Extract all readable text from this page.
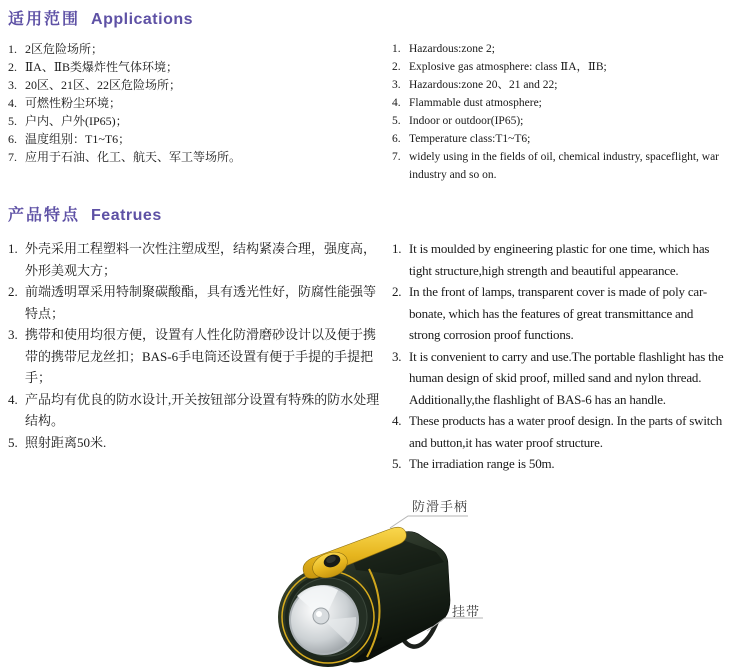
适用范围 Applications
1. 2区危险场所；
2. ⅡA、ⅡB类爆炸性气体环境；
3. 20区、21区、22区危险场所；
4. 可燃性粉尘环境；
5. 户内、户外(IP65)；
6. 温度组别：T1~T6；
7. 应用于石油、化工、航天、军工等场所。
1. Hazardous:zone 2;
2. Explosive gas atmosphere: class ⅡA，ⅡB;
3. Hazardous:zone 20、21 and 22;
4. Flammable dust atmosphere;
5. Indoor or outdoor(IP65);
6. Temperature class:T1~T6;
7. widely using in the fields of oil, chemical industry, spaceflight, war industry and so on.
产品特点 Featrues
1. 外壳采用工程塑料一次性注塑成型，结构紧凑合理，强度高，外形美观大方；
2. 前端透明罩采用特制聚碳酸酯，具有透光性好，防腐性能强等特点；
3. 携带和使用均很方便，设置有人性化防滑磨砂设计以及便于携带的携带尼龙丝扣；BAS-6手电筒还设置有便于手提的手提把手；
4. 产品均有优良的防水设计,开关按钮部分设置有特殊的防水处理结构。
5. 照射距离50米.
1. It is moulded by engineering plastic for one time, which has tight structure,high strength and beautiful appearance.
2. In the front of lamps, transparent cover is made of poly car-bonate, which has the features of great transmittance and strong corrosion proof functions.
3. It is convenient to carry and use.The portable flashlight has the human design of skid proof, milled sand and nylon thread. Additionally,the flashlight of BAS-6 has an handle.
4. These products has a water proof design. In the parts of switch and button,it has water proof structure.
5. The irradiation range is 50m.
防滑手柄
挂带
